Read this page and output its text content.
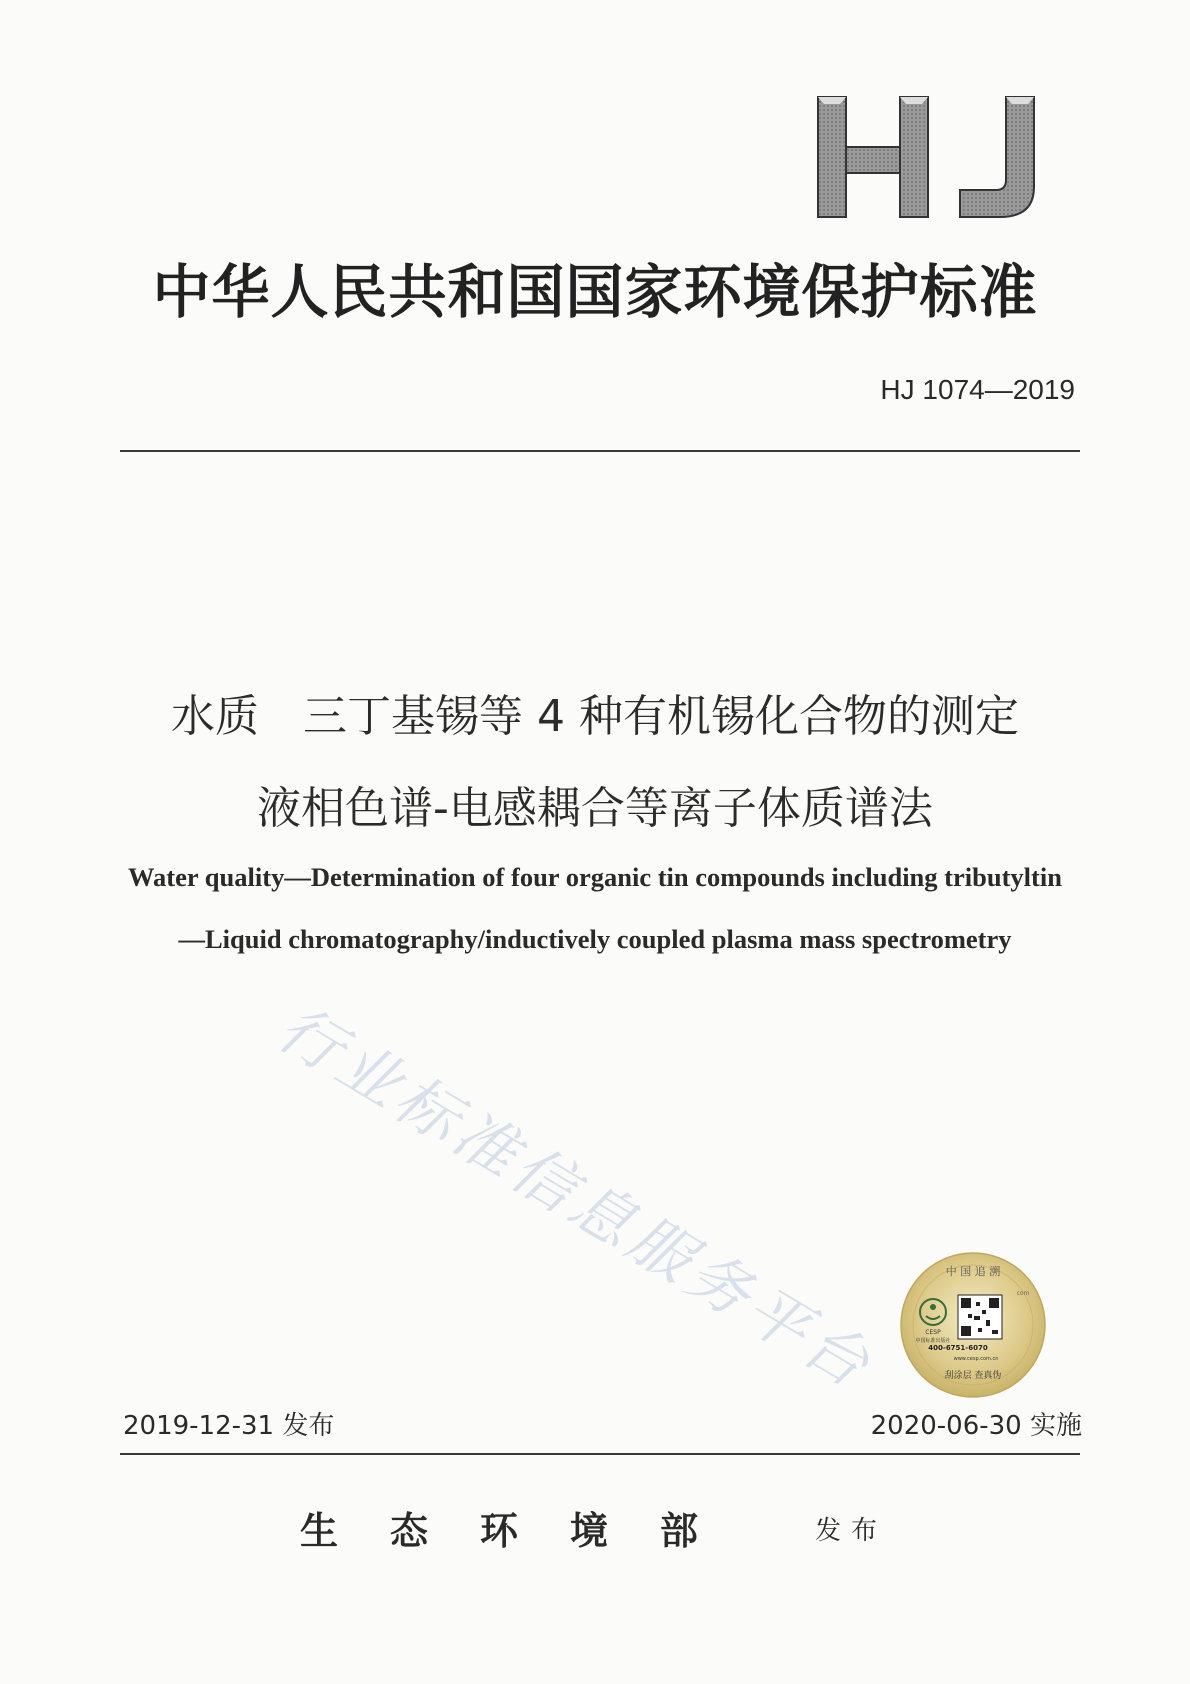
中华人民共和国国家环境保护标准
HJ 1074—2019
水质 三丁基锡等 4 种有机锡化合物的测定
液相色谱-电感耦合等离子体质谱法
Water quality—Determination of four organic tin compounds including tributyltin
—Liquid chromatography/inductively coupled plasma mass spectrometry
行业标准信息服务平台	中 国 追 溯
CESP
中国标准出版社
400-6751-6070
www.cesp.com.cn
刮涂层 查真伪
com
2019-12-31 发布	2020-06-30 实施
生态环境部 发布
